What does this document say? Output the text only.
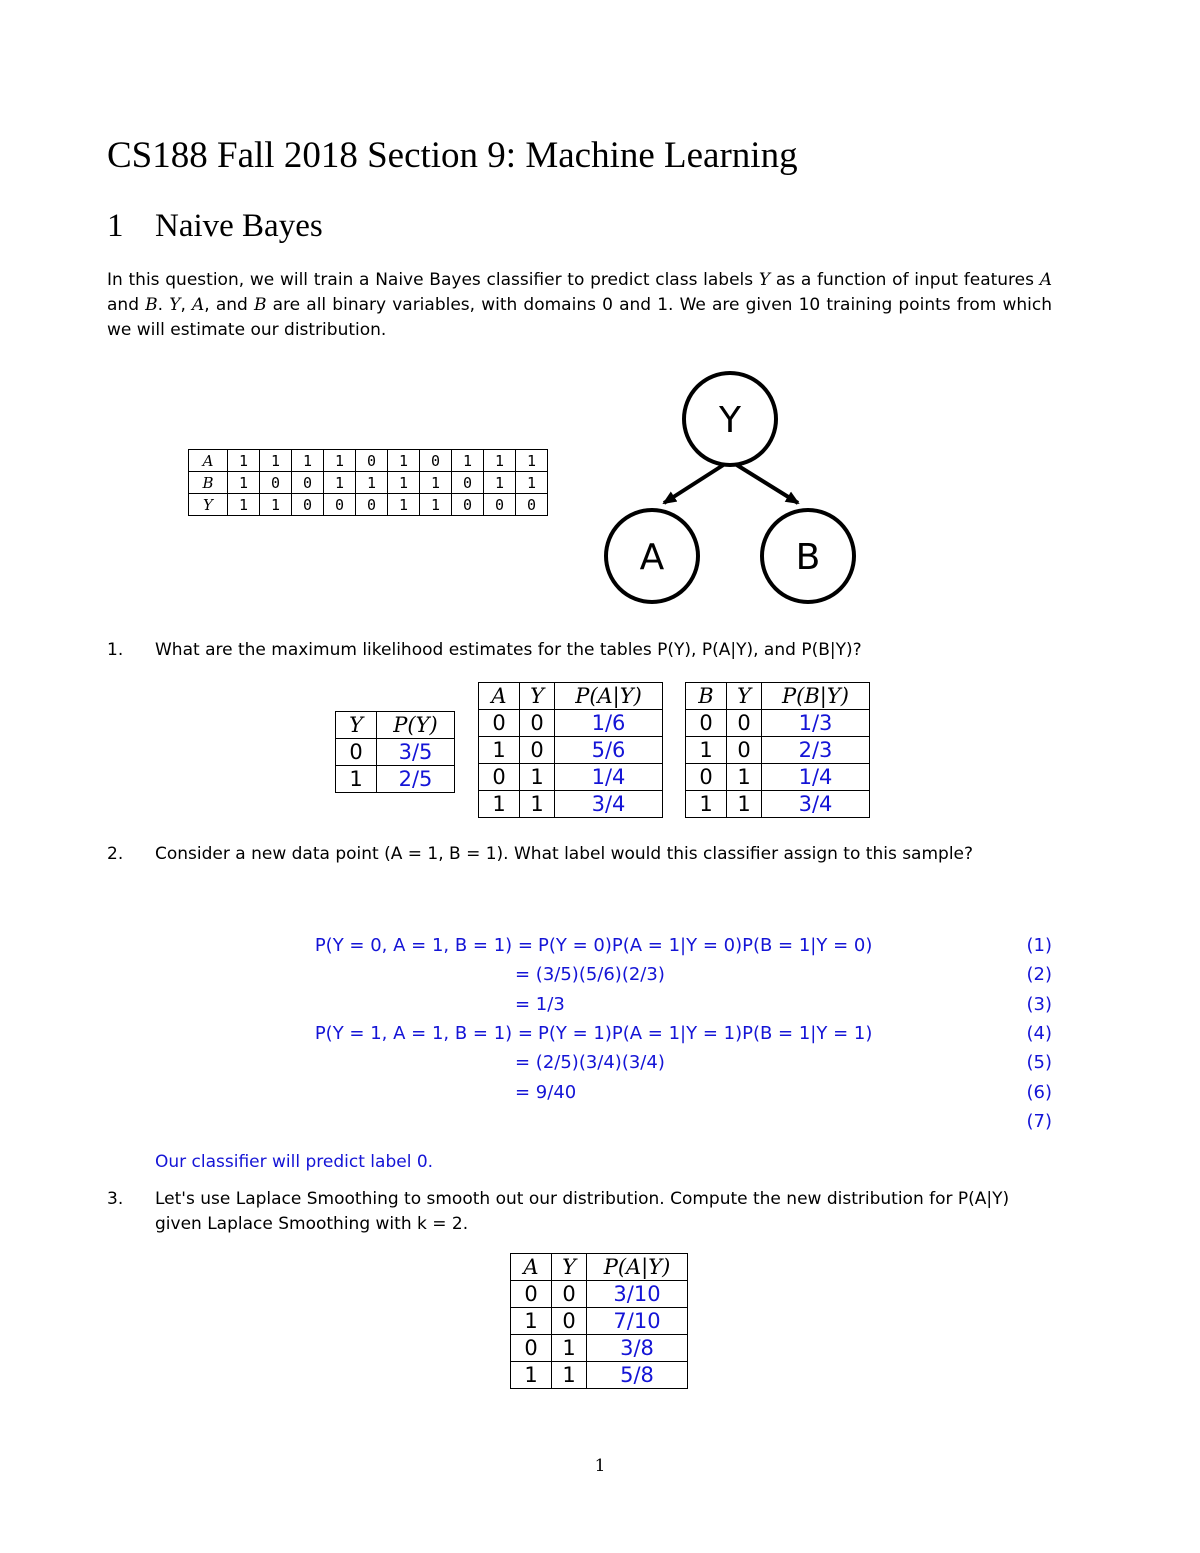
CS188 Fall 2018 Section 9: Machine Learning
1 Naive Bayes
In this question, we will train a Naive Bayes classifier to predict class labels Y as a function of input features A and B. Y, A, and B are all binary variables, with domains 0 and 1. We are given 10 training points from which we will estimate our distribution.
A	1	1	1	1	0	1	0	1	1	1
B	1	0	0	1	1	1	1	0	1	1
Y	1	1	0	0	0	1	1	0	0	0
Y
A	B
1. What are the maximum likelihood estimates for the tables P(Y), P(A|Y), and P(B|Y)?
Y	P(Y)
0	3/5
1	2/5
A	Y	P(A|Y)
0	0	1/6
1	0	5/6
0	1	1/4
1	1	3/4
B	Y	P(B|Y)
0	0	1/3
1	0	2/3
0	1	1/4
1	1	3/4
2. Consider a new data point (A = 1, B = 1). What label would this classifier assign to this sample?
P(Y = 0, A = 1, B = 1) = P(Y = 0)P(A = 1|Y = 0)P(B = 1|Y = 0)	(1)
= (3/5)(5/6)(2/3)	(2)
= 1/3	(3)
P(Y = 1, A = 1, B = 1) = P(Y = 1)P(A = 1|Y = 1)P(B = 1|Y = 1)	(4)
= (2/5)(3/4)(3/4)	(5)
= 9/40	(6)
(7)
Our classifier will predict label 0.
3. Let's use Laplace Smoothing to smooth out our distribution. Compute the new distribution for P(A|Y)
given Laplace Smoothing with k = 2.
A	Y	P(A|Y)
0	0	3/10
1	0	7/10
0	1	3/8
1	1	5/8
1
